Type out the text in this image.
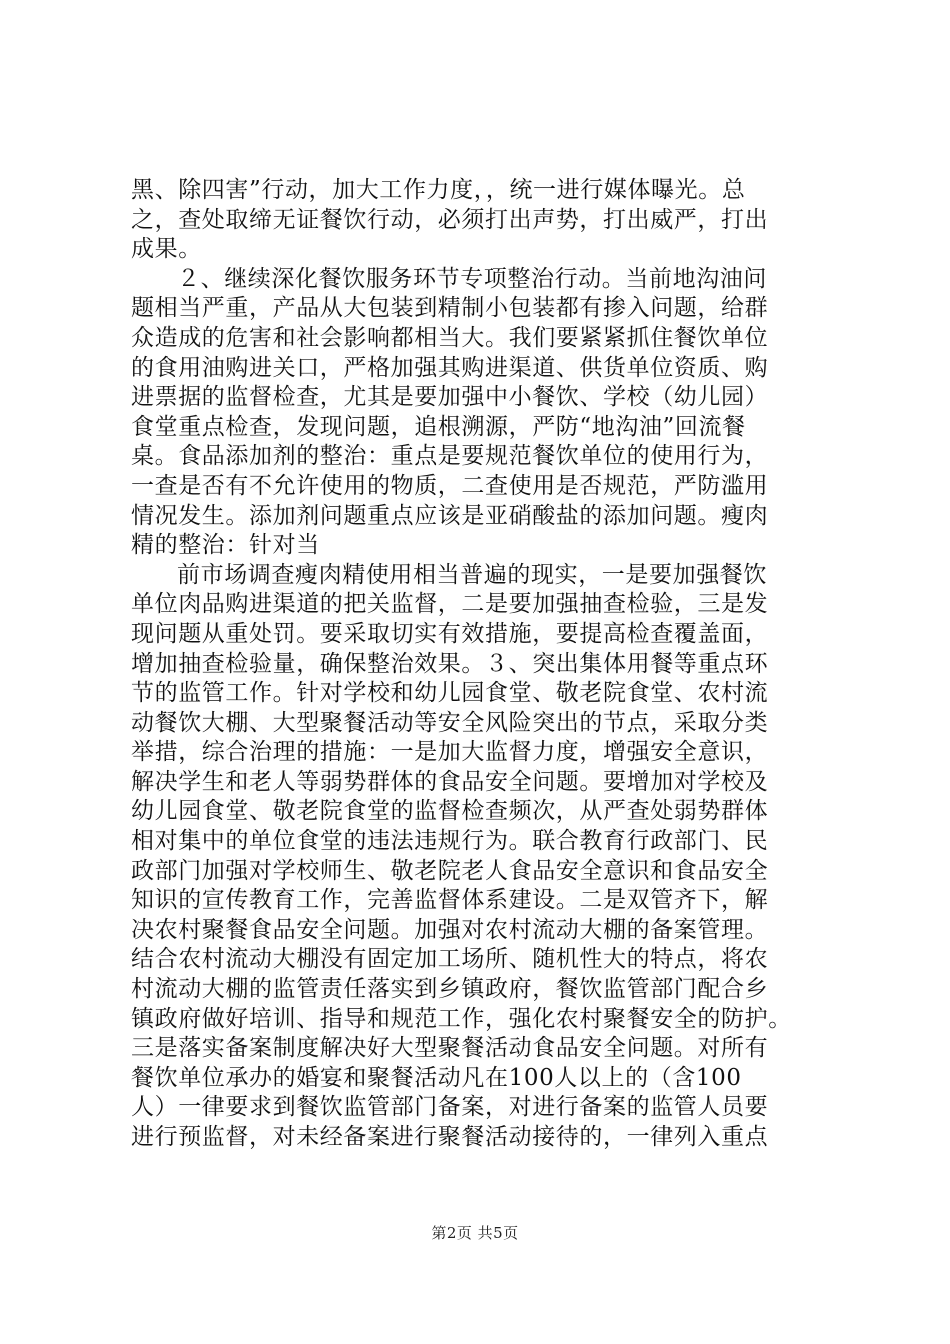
黑、除四害”行动，加大工作力度，，统一进行媒体曝光。总
之，查处取缔无证餐饮行动，必须打出声势，打出威严，打出
成果。
２、继续深化餐饮服务环节专项整治行动。当前地沟油问
题相当严重，产品从大包装到精制小包装都有掺入问题，给群
众造成的危害和社会影响都相当大。我们要紧紧抓住餐饮单位
的食用油购进关口，严格加强其购进渠道、供货单位资质、购
进票据的监督检查，尤其是要加强中小餐饮、学校（幼儿园）
食堂重点检查，发现问题，追根溯源，严防“地沟油”回流餐
桌。食品添加剂的整治：重点是要规范餐饮单位的使用行为，
一查是否有不允许使用的物质，二查使用是否规范，严防滥用
情况发生。添加剂问题重点应该是亚硝酸盐的添加问题。瘦肉
精的整治：针对当
前市场调查瘦肉精使用相当普遍的现实，一是要加强餐饮
单位肉品购进渠道的把关监督，二是要加强抽查检验，三是发
现问题从重处罚。要采取切实有效措施，要提高检查覆盖面，
增加抽查检验量，确保整治效果。３、突出集体用餐等重点环
节的监管工作。针对学校和幼儿园食堂、敬老院食堂、农村流
动餐饮大棚、大型聚餐活动等安全风险突出的节点，采取分类
举措，综合治理的措施：一是加大监督力度，增强安全意识，
解决学生和老人等弱势群体的食品安全问题。要增加对学校及
幼儿园食堂、敬老院食堂的监督检查频次，从严查处弱势群体
相对集中的单位食堂的违法违规行为。联合教育行政部门、民
政部门加强对学校师生、敬老院老人食品安全意识和食品安全
知识的宣传教育工作，完善监督体系建设。二是双管齐下，解
决农村聚餐食品安全问题。加强对农村流动大棚的备案管理。
结合农村流动大棚没有固定加工场所、随机性大的特点，将农
村流动大棚的监管责任落实到乡镇政府，餐饮监管部门配合乡
镇政府做好培训、指导和规范工作，强化农村聚餐安全的防护。
三是落实备案制度解决好大型聚餐活动食品安全问题。对所有
餐饮单位承办的婚宴和聚餐活动凡在100人以上的（含100
人）一律要求到餐饮监管部门备案，对进行备案的监管人员要
进行预监督，对未经备案进行聚餐活动接待的，一律列入重点
第2页 共5页
